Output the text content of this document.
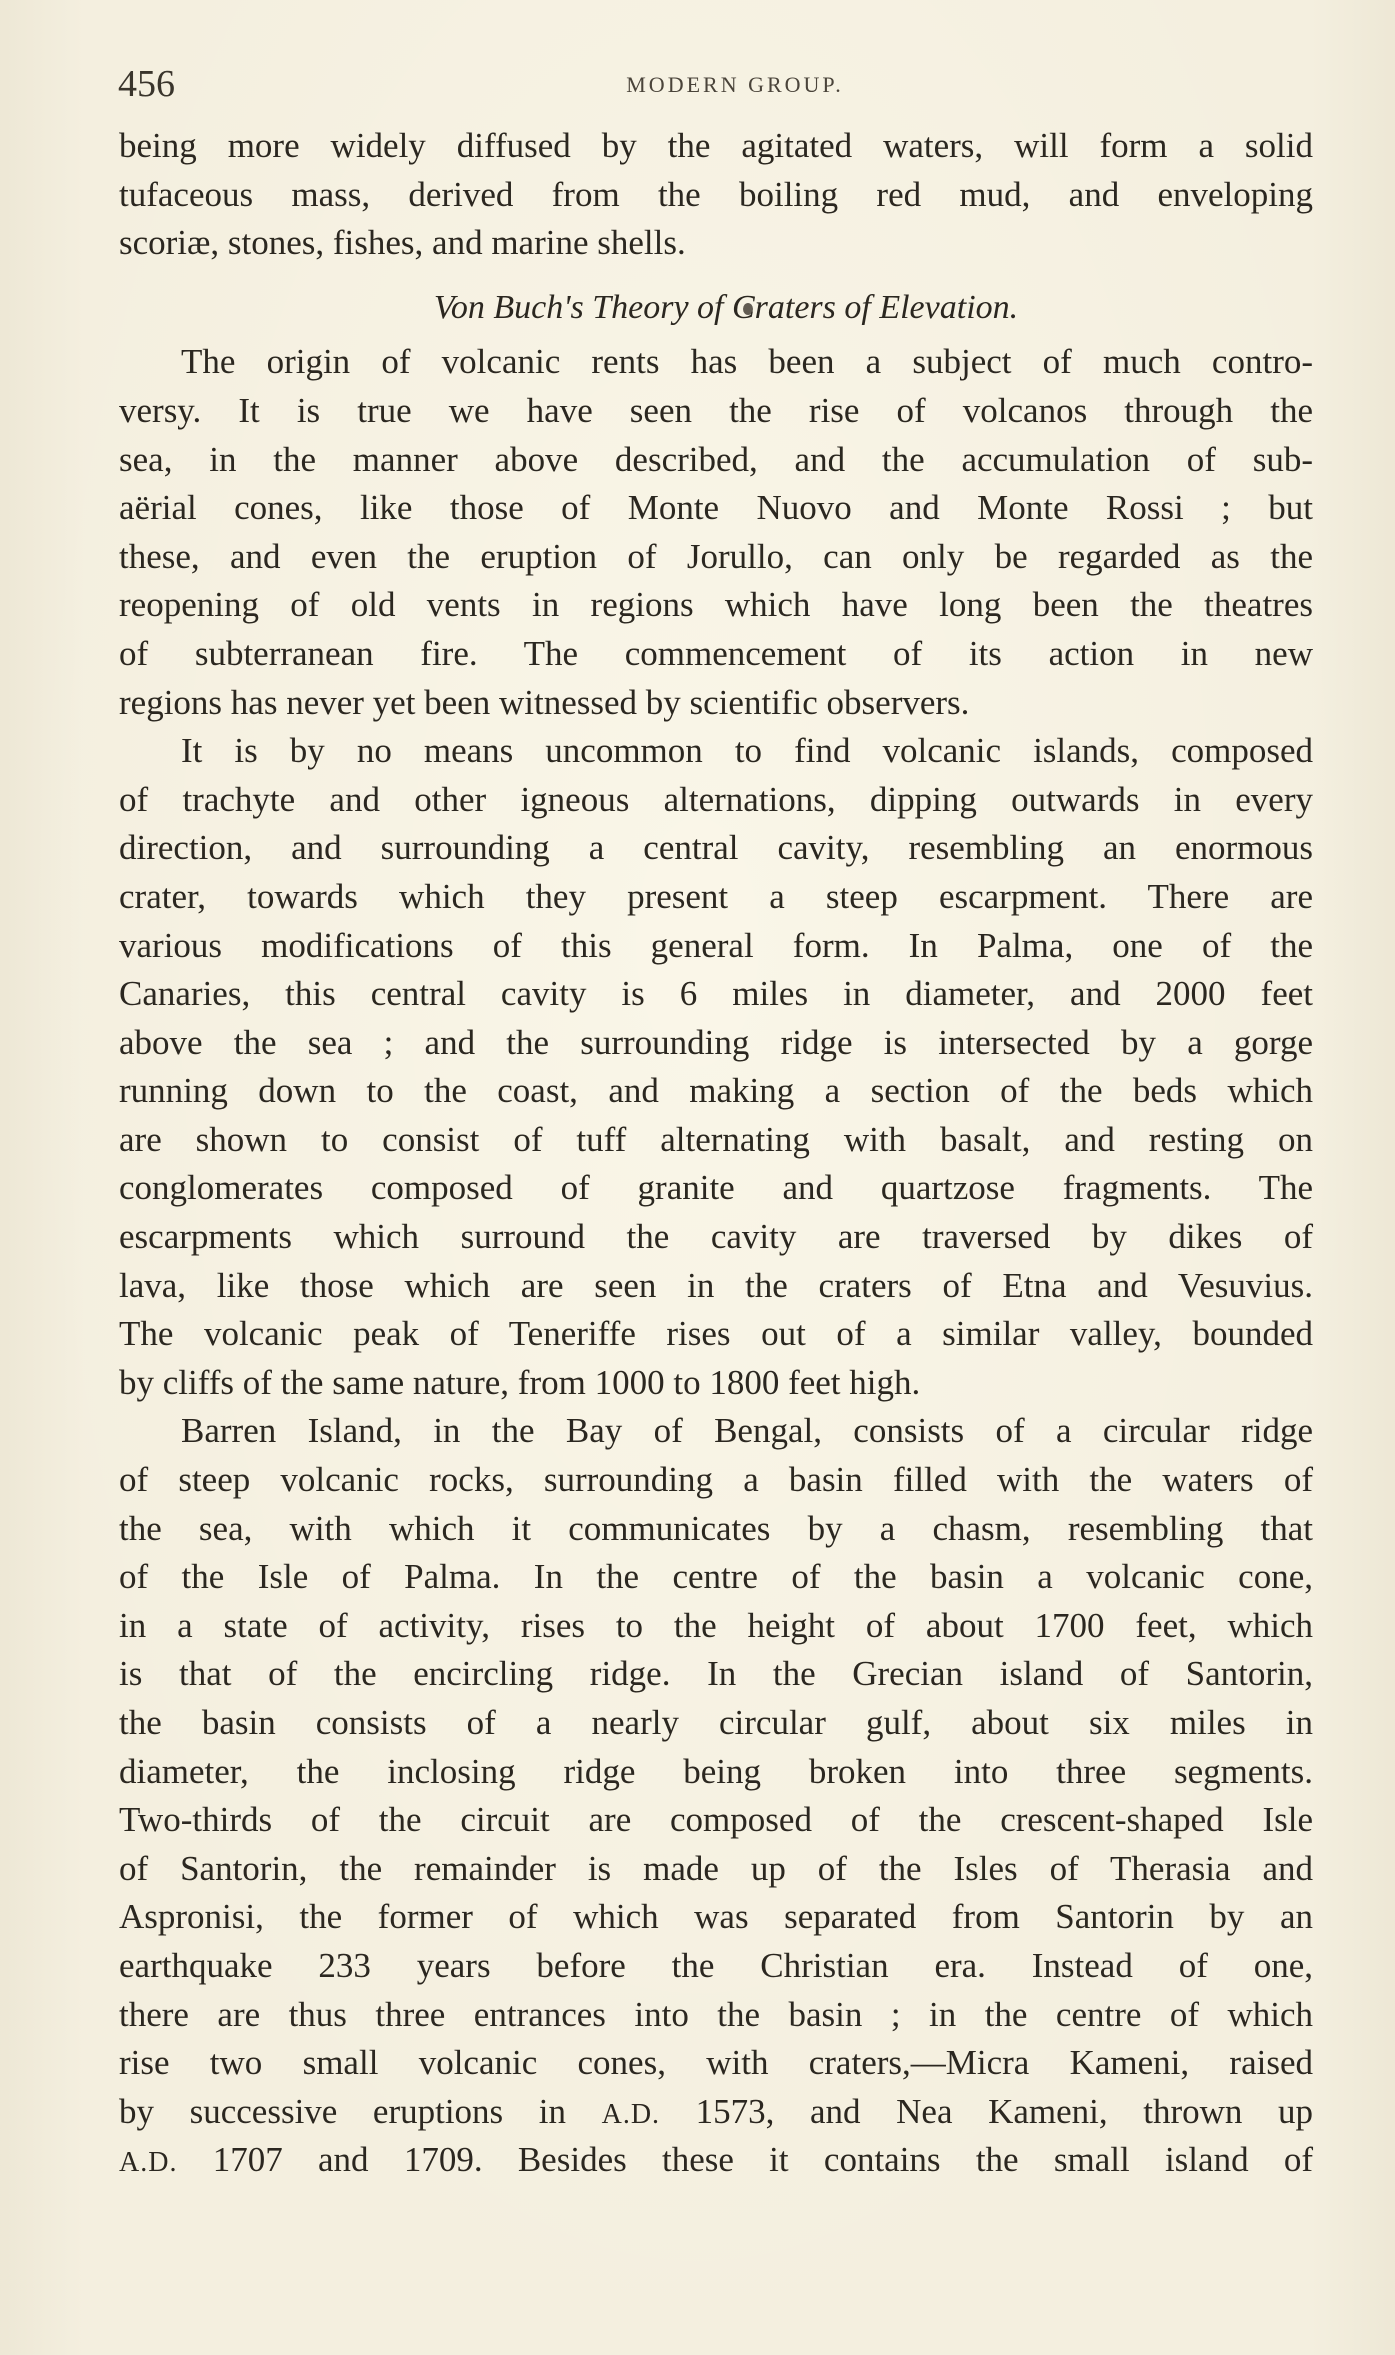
456	MODERN GROUP.
being more widely diffused by the agitated waters, will form a solid
tufaceous mass, derived from the boiling red mud, and enveloping
scoriæ, stones, fishes, and marine shells.
Von Buch's Theory of Craters of Elevation.
The origin of volcanic rents has been a subject of much contro-
versy. It is true we have seen the rise of volcanos through the
sea, in the manner above described, and the accumulation of sub-
aërial cones, like those of Monte Nuovo and Monte Rossi ; but
these, and even the eruption of Jorullo, can only be regarded as the
reopening of old vents in regions which have long been the theatres
of subterranean fire. The commencement of its action in new
regions has never yet been witnessed by scientific observers.
It is by no means uncommon to find volcanic islands, composed
of trachyte and other igneous alternations, dipping outwards in every
direction, and surrounding a central cavity, resembling an enormous
crater, towards which they present a steep escarpment. There are
various modifications of this general form. In Palma, one of the
Canaries, this central cavity is 6 miles in diameter, and 2000 feet
above the sea ; and the surrounding ridge is intersected by a gorge
running down to the coast, and making a section of the beds which
are shown to consist of tuff alternating with basalt, and resting on
conglomerates composed of granite and quartzose fragments. The
escarpments which surround the cavity are traversed by dikes of
lava, like those which are seen in the craters of Etna and Vesuvius.
The volcanic peak of Teneriffe rises out of a similar valley, bounded
by cliffs of the same nature, from 1000 to 1800 feet high.
Barren Island, in the Bay of Bengal, consists of a circular ridge
of steep volcanic rocks, surrounding a basin filled with the waters of
the sea, with which it communicates by a chasm, resembling that
of the Isle of Palma. In the centre of the basin a volcanic cone,
in a state of activity, rises to the height of about 1700 feet, which
is that of the encircling ridge. In the Grecian island of Santorin,
the basin consists of a nearly circular gulf, about six miles in
diameter, the inclosing ridge being broken into three segments.
Two-thirds of the circuit are composed of the crescent-shaped Isle
of Santorin, the remainder is made up of the Isles of Therasia and
Aspronisi, the former of which was separated from Santorin by an
earthquake 233 years before the Christian era. Instead of one,
there are thus three entrances into the basin ; in the centre of which
rise two small volcanic cones, with craters,—Micra Kameni, raised
by successive eruptions in A.D. 1573, and Nea Kameni, thrown up
A.D. 1707 and 1709. Besides these it contains the small island of
